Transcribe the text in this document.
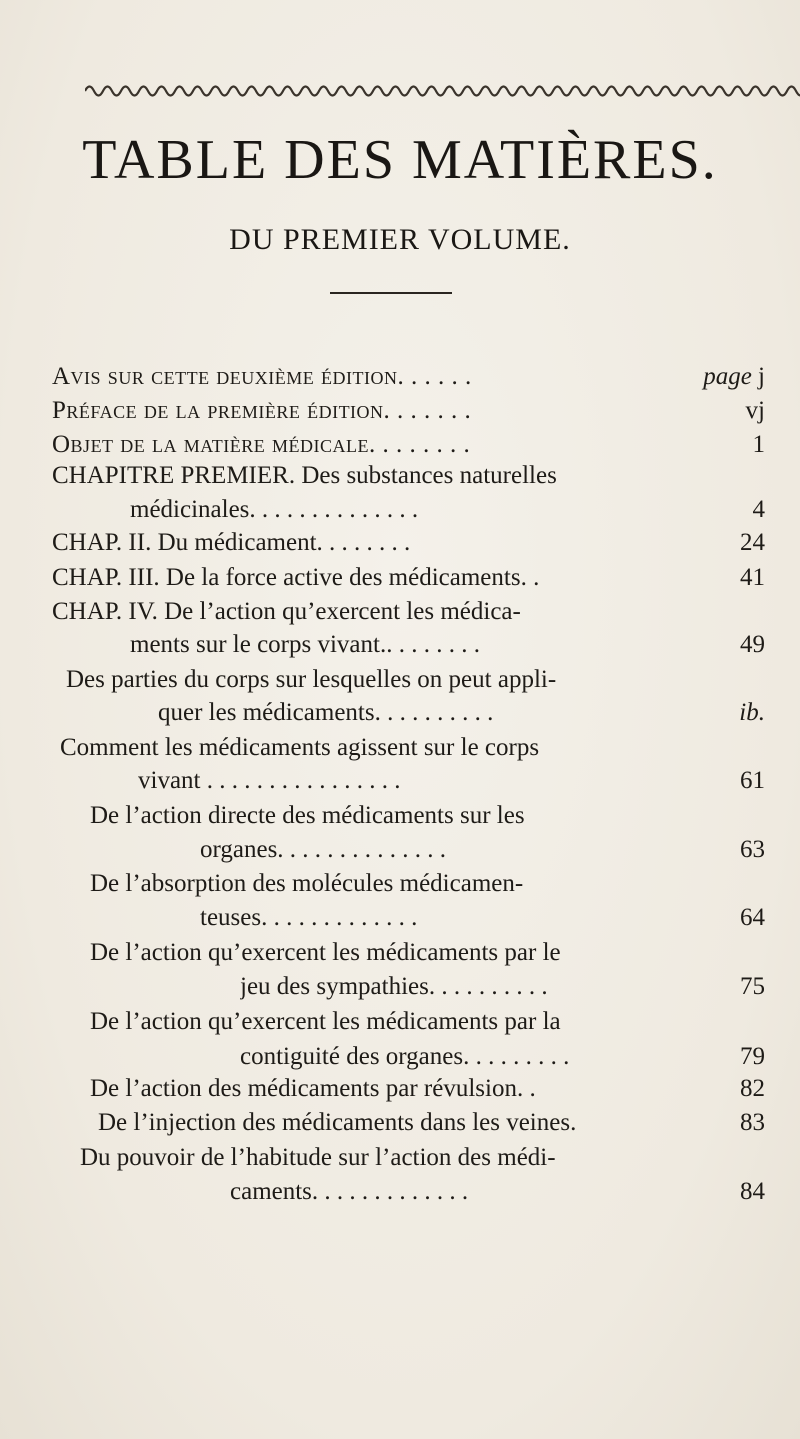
TABLE DES MATIÈRES.
DU PREMIER VOLUME.
Avis sur cette deuxième édition. . . . . .	page j
Préface de la première édition. . . . . . .	vj
Objet de la matière médicale. . . . . . . .	1
CHAPITRE PREMIER. Des substances naturelles
médicinales. . . . . . . . . . . . . .	4
CHAP. II. Du médicament. . . . . . . .	24
CHAP. III. De la force active des médicaments. .	41
CHAP. IV. De l’action qu’exercent les médica-
ments sur le corps vivant.. . . . . . . .	49
Des parties du corps sur lesquelles on peut appli-
quer les médicaments. . . . . . . . . .	ib.
Comment les médicaments agissent sur le corps
vivant . . . . . . . . . . . . . . . .	61
De l’action directe des médicaments sur les
organes. . . . . . . . . . . . . .	63
De l’absorption des molécules médicamen-
teuses. . . . . . . . . . . . .	64
De l’action qu’exercent les médicaments par le
jeu des sympathies. . . . . . . . . .	75
De l’action qu’exercent les médicaments par la
contiguité des organes. . . . . . . . .	79
De l’action des médicaments par révulsion. .	82
De l’injection des médicaments dans les veines.	83
Du pouvoir de l’habitude sur l’action des médi-
caments. . . . . . . . . . . . .	84
